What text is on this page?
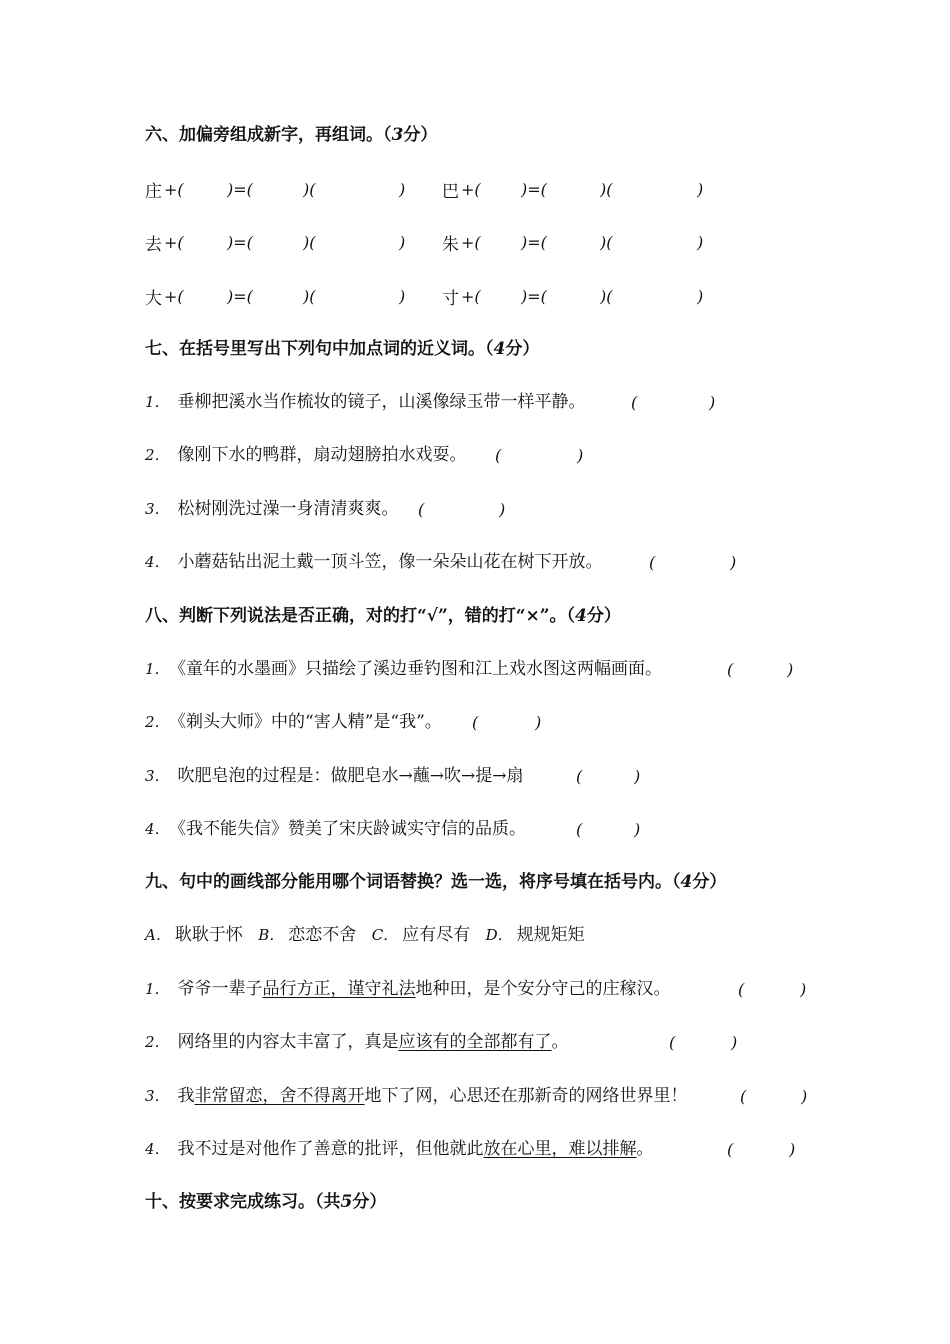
六、加偏旁组成新字，再组词。（3分）
庄 +(	)=(	)(	) 巴 +(	)=(	)(	)
去 +(	)=(	)(	) 朱 +(	)=(	)(	)
大 +(	)=(	)(	) 寸 +(	)=(	)(	)
七、在括号里写出下列句中加点词的近义词。（4分）
1． 垂柳把溪水当作梳妆的镜子，山溪像绿玉带一样平静。	(	)
2． 像刚下水的鸭群，扇动翅膀拍水戏耍。 (	)
3． 松树刚洗过澡一身清清爽爽。 (	)
4． 小蘑菇钻出泥土戴一顶斗笠，像一朵朵山花在树下开放。	(	)
八、判断下列说法是否正确，对的打“√”，错的打“×”。（4分）
1． 《童年的水墨画》只描绘了溪边垂钓图和江上戏水图这两幅画面。	(	)
2． 《剃头大师》中的“害人精”是“我”。 (	)
3． 吹肥皂泡的过程是：做肥皂水→蘸→吹→提→扇	(	)
4． 《我不能失信》赞美了宋庆龄诚实守信的品质。	(	)
九、句中的画线部分能用哪个词语替换？选一选，将序号填在括号内。（4分）
A． 耿耿于怀 B． 恋恋不舍 C． 应有尽有 D． 规规矩矩
1． 爷爷一辈子品行方正，谨守礼法地种田，是个安分守己的庄稼汉。	(	)
2． 网络里的内容太丰富了，真是应该有的全部都有了。	(	)
3． 我非常留恋，舍不得离开地下了网，心思还在那新奇的网络世界里！	(	)
4． 我不过是对他作了善意的批评，但他就此放在心里，难以排解。	(	)
十、按要求完成练习。（共5分）
